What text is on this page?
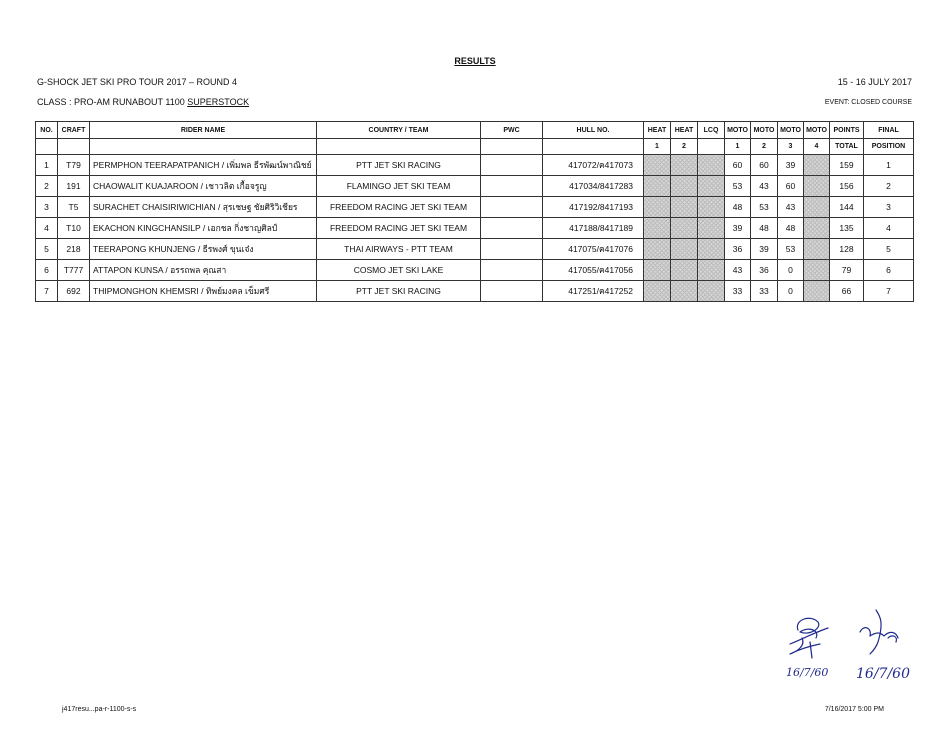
RESULTS
G-SHOCK JET SKI PRO TOUR 2017 – ROUND 4	15 - 16 JULY 2017
CLASS : PRO-AM RUNABOUT 1100 SUPERSTOCK	EVENT: CLOSED COURSE
NO.	CRAFT	RIDER NAME	COUNTRY / TEAM	PWC	HULL NO.	HEAT	HEAT	LCQ	MOTO	MOTO	MOTO	MOTO	POINTS	FINAL
						1	2		1	2	3	4	TOTAL	POSITION
1	T79	PERMPHON TEERAPATPANICH / เพิ่มพล ธีรพัฒน์พาณิชย์	PTT JET SKI RACING		417072/ค417073				60	60	39		159	1
2	191	CHAOWALIT KUAJAROON / เชาวลิต เกื้อจรูญ	FLAMINGO JET SKI TEAM		417034/8417283				53	43	60		156	2
3	T5	SURACHET CHAISIRIWICHIAN / สุรเชษฐ ชัยศิริวิเชียร	FREEDOM RACING JET SKI TEAM		417192/8417193				48	53	43		144	3
4	T10	EKACHON KINGCHANSILP / เอกชล กิ่งชาญศิลป์	FREEDOM RACING JET SKI TEAM		417188/8417189				39	48	48		135	4
5	218	TEERAPONG KHUNJENG / ธีรพงศ์ ขุนเจ๋ง	THAI AIRWAYS - PTT TEAM		417075/ค417076				36	39	53		128	5
6	T777	ATTAPON KUNSA / อรรถพล คุณสา	COSMO JET SKI LAKE		417055/ค417056				43	36	0		79	6
7	692	THIPMONGHON KHEMSRI / ทิพย์มงคล เข็มศรี	PTT JET SKI RACING		417251/ค417252				33	33	0		66	7
16/7/60 16/7/60
j417resu...pa-r-1100-s-s	7/16/2017 5:00 PM
